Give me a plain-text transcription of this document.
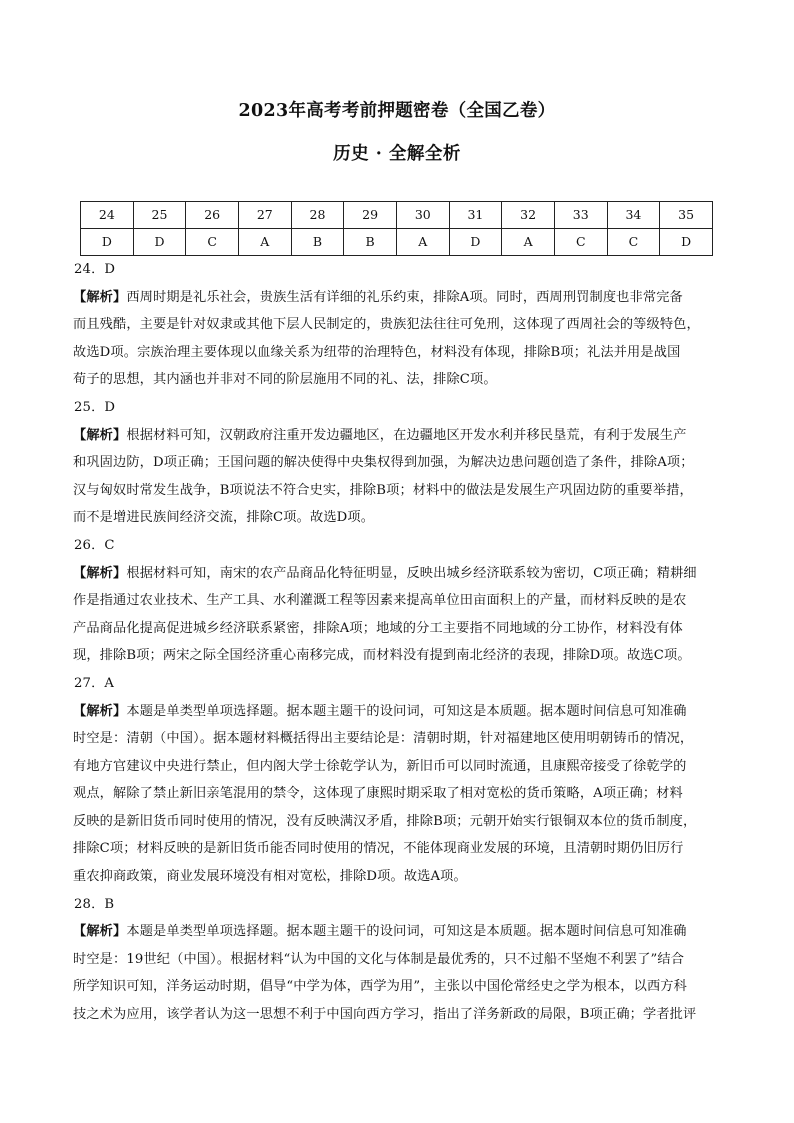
2023年高考考前押题密卷（全国乙卷）
历史 · 全解全析
24	25	26	27	28	29	30	31	32	33	34	35
D	D	C	A	B	B	A	D	A	C	C	D
24．D
【解析】西周时期是礼乐社会，贵族生活有详细的礼乐约束，排除A项。同时，西周刑罚制度也非常完备
而且残酷，主要是针对奴隶或其他下层人民制定的，贵族犯法往往可免刑，这体现了西周社会的等级特色，
故选D项。宗族治理主要体现以血缘关系为纽带的治理特色，材料没有体现，排除B项；礼法并用是战国
荀子的思想，其内涵也并非对不同的阶层施用不同的礼、法，排除C项。
25．D
【解析】根据材料可知，汉朝政府注重开发边疆地区，在边疆地区开发水利并移民垦荒，有利于发展生产
和巩固边防，D项正确；王国问题的解决使得中央集权得到加强，为解决边患问题创造了条件，排除A项；
汉与匈奴时常发生战争，B项说法不符合史实，排除B项；材料中的做法是发展生产巩固边防的重要举措，
而不是增进民族间经济交流，排除C项。故选D项。
26．C
【解析】根据材料可知，南宋的农产品商品化特征明显，反映出城乡经济联系较为密切，C项正确；精耕细
作是指通过农业技术、生产工具、水利灌溉工程等因素来提高单位田亩面积上的产量，而材料反映的是农
产品商品化提高促进城乡经济联系紧密，排除A项；地域的分工主要指不同地域的分工协作，材料没有体
现，排除B项；两宋之际全国经济重心南移完成，而材料没有提到南北经济的表现，排除D项。故选C项。
27．A
【解析】本题是单类型单项选择题。据本题主题干的设问词，可知这是本质题。据本题时间信息可知准确
时空是：清朝（中国）。据本题材料概括得出主要结论是：清朝时期，针对福建地区使用明朝铸币的情况，
有地方官建议中央进行禁止，但内阁大学士徐乾学认为，新旧币可以同时流通，且康熙帝接受了徐乾学的
观点，解除了禁止新旧亲笔混用的禁令，这体现了康熙时期采取了相对宽松的货币策略，A项正确；材料
反映的是新旧货币同时使用的情况，没有反映满汉矛盾，排除B项；元朝开始实行银铜双本位的货币制度，
排除C项；材料反映的是新旧货币能否同时使用的情况，不能体现商业发展的环境，且清朝时期仍旧厉行
重农抑商政策，商业发展环境没有相对宽松，排除D项。故选A项。
28．B
【解析】本题是单类型单项选择题。据本题主题干的设问词，可知这是本质题。据本题时间信息可知准确
时空是：19世纪（中国）。根据材料“认为中国的文化与体制是最优秀的，只不过船不坚炮不利罢了”结合
所学知识可知，洋务运动时期，倡导“中学为体，西学为用”，主张以中国伦常经史之学为根本，以西方科
技之术为应用，该学者认为这一思想不利于中国向西方学习，指出了洋务新政的局限，B项正确；学者批评
